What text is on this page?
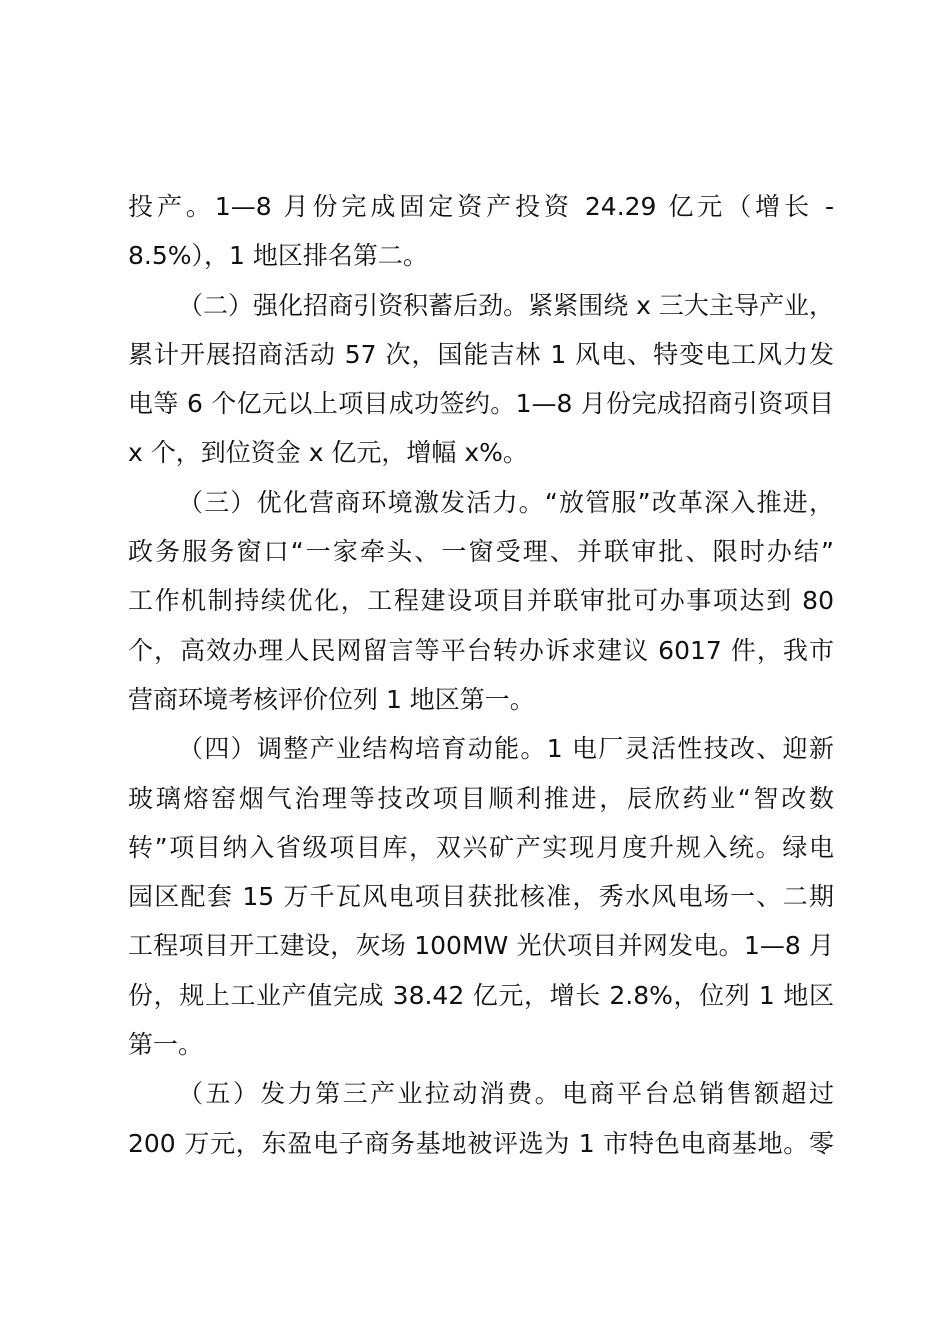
投产。1—8 月份完成固定资产投资 24.29 亿元（增长 -
8.5%），1 地区排名第二。
（二）强化招商引资积蓄后劲。紧紧围绕 x 三大主导产业，
累计开展招商活动 57 次，国能吉林 1 风电、特变电工风力发
电等 6 个亿元以上项目成功签约。1—8 月份完成招商引资项目
x 个，到位资金 x 亿元，增幅 x%。
（三）优化营商环境激发活力。“放管服”改革深入推进，
政务服务窗口“一家牵头、一窗受理、并联审批、限时办结”
工作机制持续优化，工程建设项目并联审批可办事项达到 80
个，高效办理人民网留言等平台转办诉求建议 6017 件，我市
营商环境考核评价位列 1 地区第一。
（四）调整产业结构培育动能。1 电厂灵活性技改、迎新
玻璃熔窑烟气治理等技改项目顺利推进，辰欣药业“智改数
转”项目纳入省级项目库，双兴矿产实现月度升规入统。绿电
园区配套 15 万千瓦风电项目获批核准，秀水风电场一、二期
工程项目开工建设，灰场 100MW 光伏项目并网发电。1—8 月
份，规上工业产值完成 38.42 亿元，增长 2.8%，位列 1 地区
第一。
（五）发力第三产业拉动消费。电商平台总销售额超过
200 万元，东盈电子商务基地被评选为 1 市特色电商基地。零
